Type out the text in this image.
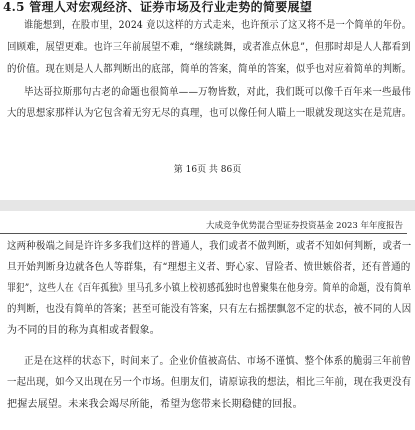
4.5 管理人对宏观经济、证券市场及行业走势的简要展望
谁能想到，在股市里，2024 竟以这样的方式走来，也许预示了这又将不是一个简单的年份。
回顾难，展望更难。也许三年前展望不难，“继续跳舞，或者准点休息”，但那时却是人人都看到
的价值。现在则是人人都判断出的底部，简单的答案，简单的答案，似乎也对应着简单的判断。
毕达哥拉斯那句古老的命题也很简单——万物皆数，对此，我们既可以像千百年来一些最伟
大的思想家那样认为它包含着无穷无尽的真理，也可以像任何人瞄上一眼就发现这实在是荒唐。
第 16页 共 86页
大成竞争优势混合型证券投资基金 2023 年年度报告
这两种极端之间是许许多多我们这样的普通人，我们或者不做判断，或者不知如何判断，或者一
旦开始判断身边就各色人等群集，有“理想主义者、野心家、冒险者、愤世嫉俗者，还有普通的
罪犯”，这些人在《百年孤独》里马孔多小镇上校初感孤独时也曾聚集在他身旁。简单的命题，没有简单
的判断，也没有简单的答案；甚至可能没有答案，只有左右摇摆飘忽不定的状态，被不同的人因
为不同的目的称为真相或者假象。
正是在这样的状态下，时间来了。企业价值被高估、市场不谨慎、整个体系的脆弱三年前曾
一起出现，如今又出现在另一个市场。但朋友们，请原谅我的想法，相比三年前，现在我更没有
把握去展望。未来我会竭尽所能，希望为您带来长期稳健的回报。
